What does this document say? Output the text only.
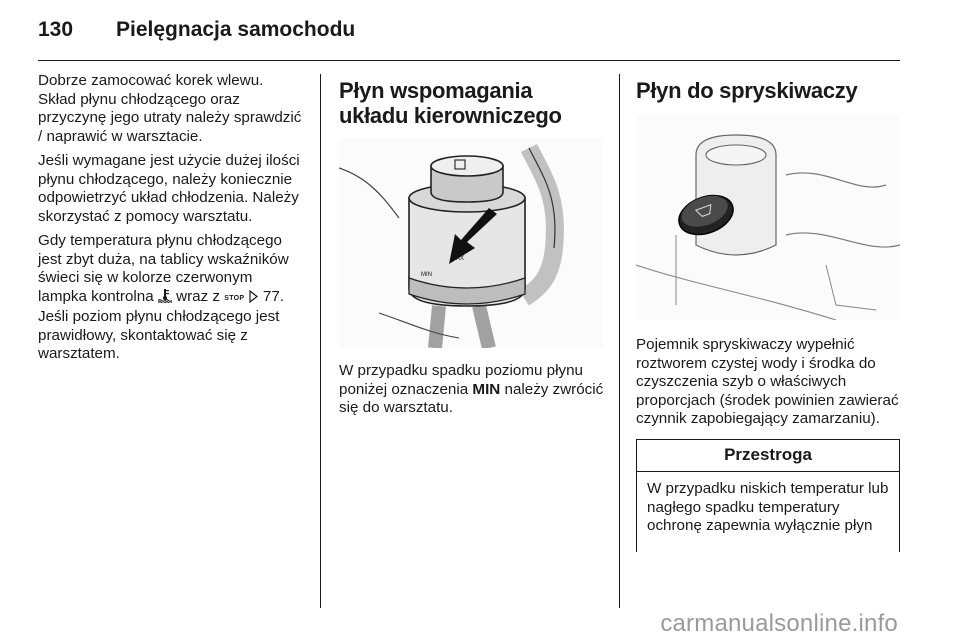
130 Pielęgnacja samochodu

Dobrze zamocować korek wlewu. Skład płynu chłodzącego oraz przyczynę jego utraty należy sprawdzić / naprawić w warsztacie.

Jeśli wymagane jest użycie dużej ilości płynu chłodzącego, należy koniecznie odpowietrzyć układ chłodzenia. Należy skorzystać z pomocy warsztatu.

Gdy temperatura płynu chłodzącego jest zbyt duża, na tablicy wskaźników świeci się w kolorze czerwonym lampka kontrolna wraz z STOP 77. Jeśli poziom płynu chłodzącego jest prawidłowy, skontaktować się z warsztatem.

Płyn wspomagania układu kierowniczego
MAX
MIN

W przypadku spadku poziomu płynu poniżej oznaczenia MIN należy zwrócić się do warsztatu.

Płyn do spryskiwaczy

Pojemnik spryskiwaczy wypełnić roztworem czystej wody i środka do czyszczenia szyb o właściwych proporcjach (środek powinien zawierać czynnik zapobiegający zamarzaniu).

Przestroga
W przypadku niskich temperatur lub nagłego spadku temperatury ochronę zapewnia wyłącznie płyn
carmanualsonline.info
